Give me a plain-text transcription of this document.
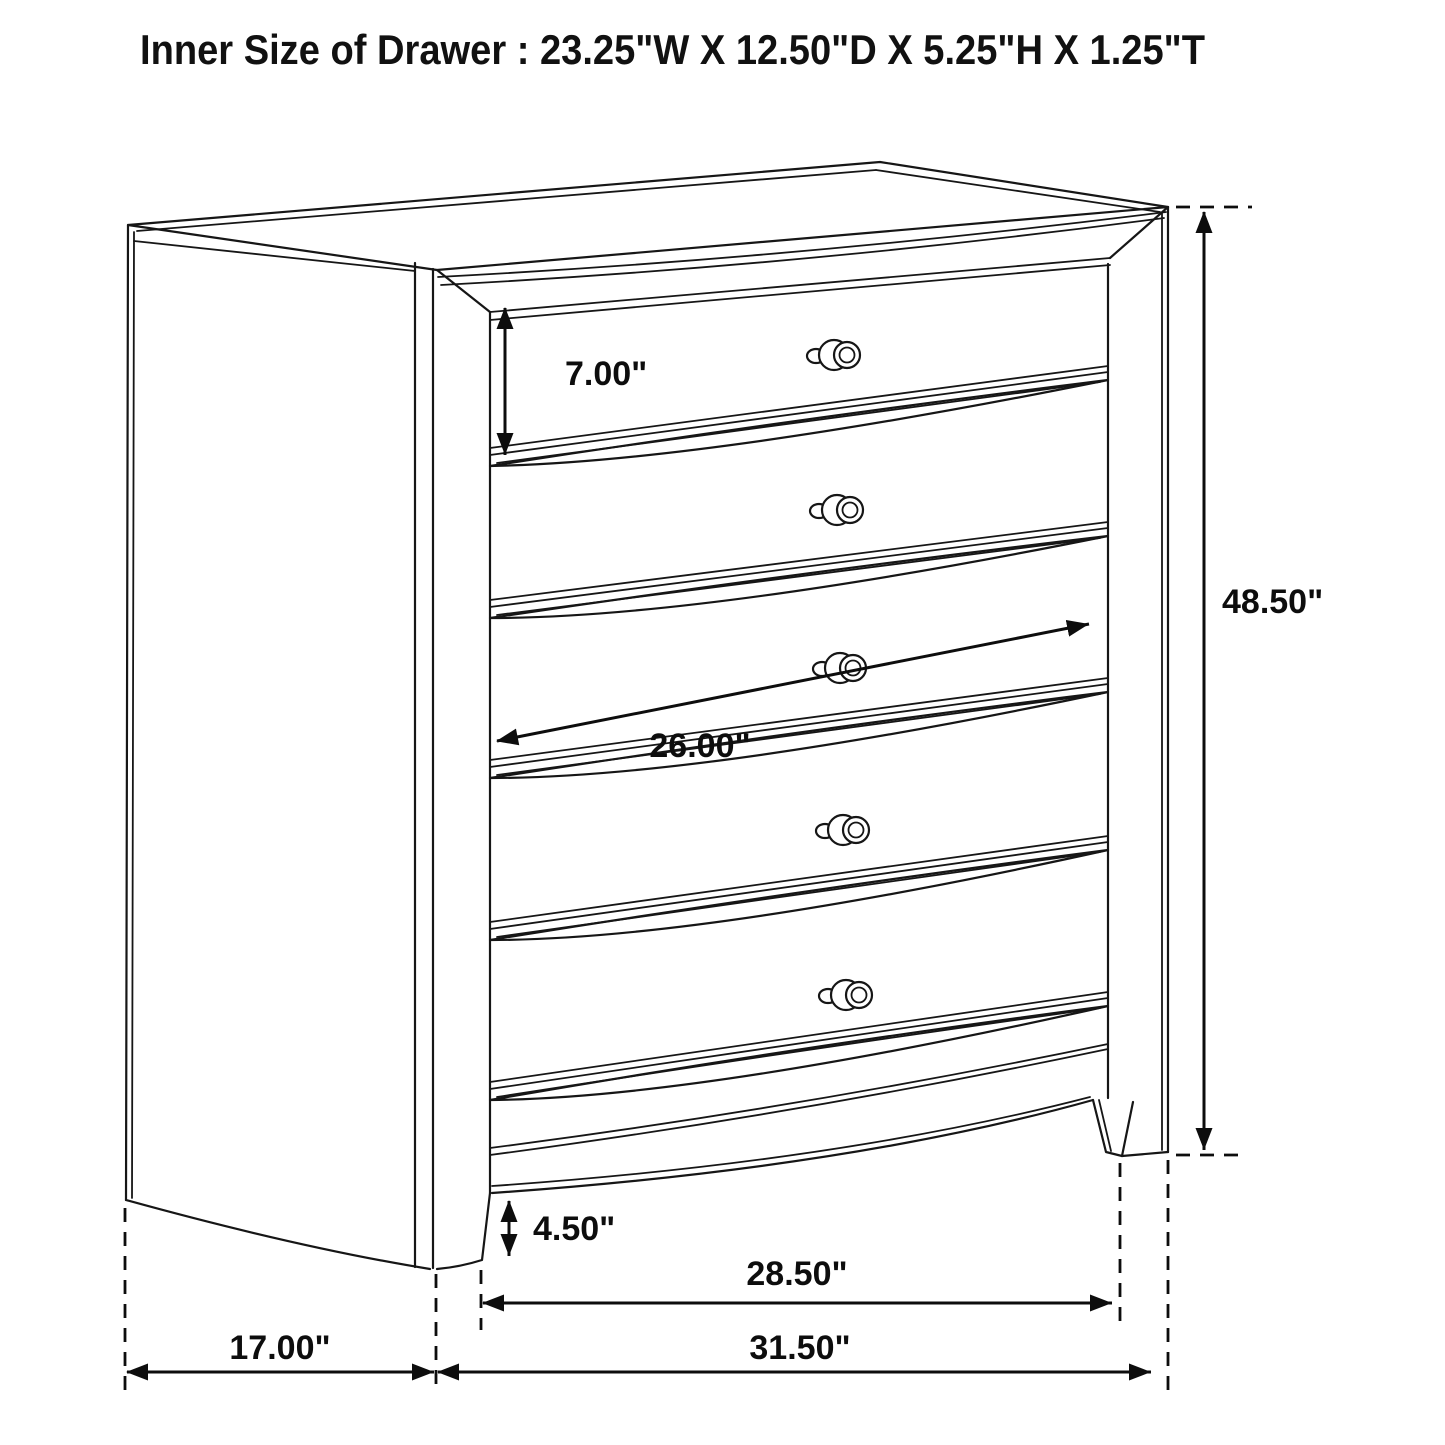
7.00"
26.00"
48.50"
4.50"
17.00"
28.50"
31.50"
Inner Size of Drawer : 23.25"W X 12.50"D X 5.25"H X 1.25"T
